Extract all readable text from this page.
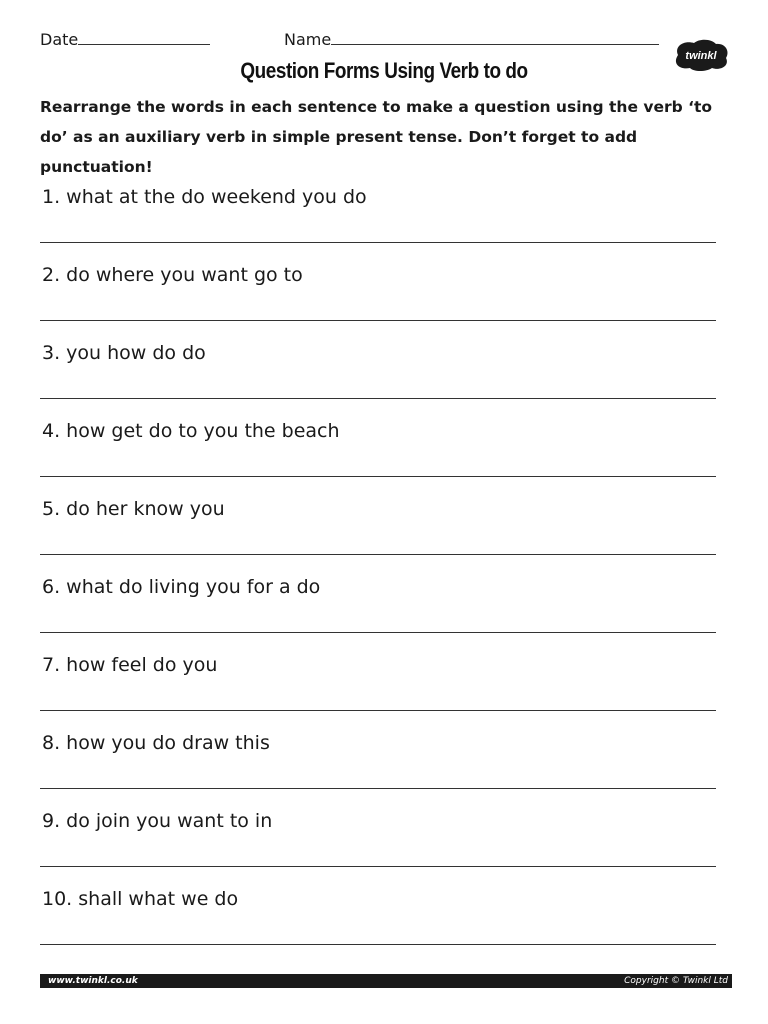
Date	Name
twinkl
Question Forms Using Verb to do
Rearrange the words in each sentence to make a question using the verb ‘to do’ as an auxiliary verb in simple present tense. Don’t forget to add punctuation!
1. what at the do weekend you do
2. do where you want go to
3. you how do do
4. how get do to you the beach
5. do her know you
6. what do living you for a do
7. how feel do you
8. how you do draw this
9. do join you want to in
10. shall what we do
www.twinkl.co.uk	Copyright © Twinkl Ltd
